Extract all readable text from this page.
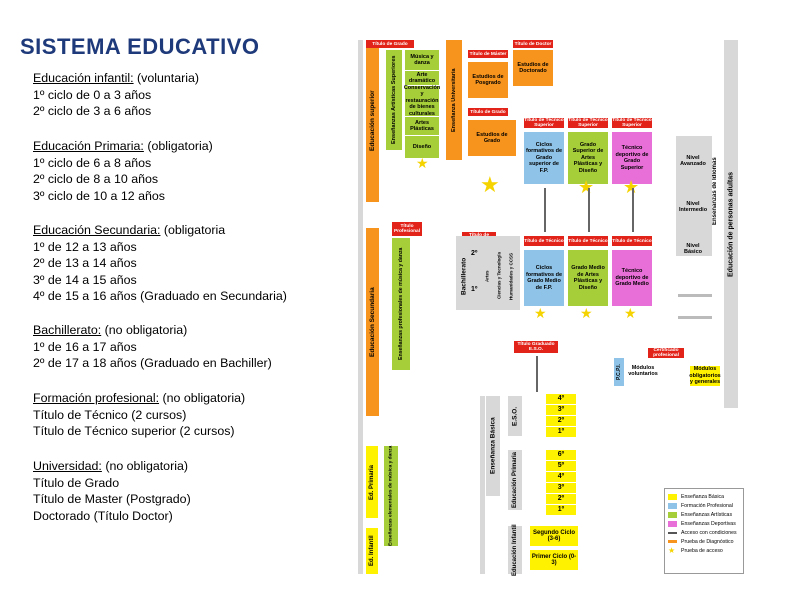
SISTEMA EDUCATIVO
Educación infantil: (voluntaria)
1º ciclo de 0 a 3 años
2º ciclo de 3 a 6 años
Educación Primaria: (obligatoria)
1º ciclo de 6 a 8 años
2º ciclo de 8 a 10 años
3º ciclo de 10 a 12 años
Educación Secundaria: (obligatoria
1º de 12 a 13 años
2º de 13 a 14 años
3º de 14 a 15 años
4º de 15 a 16 años (Graduado en Secundaria)
Bachillerato: (no obligatoria)
1º de 16 a 17 años
2º de 17 a 18 años (Graduado en Bachiller)
Formación profesional: (no obligatoria)
Título de Técnico (2 cursos)
Título de Técnico superior (2 cursos)
Universidad: (no obligatoria)
Título de Grado
Título de Master (Postgrado)
Doctorado (Título Doctor)
Educación superior
Título de Grado
Enseñanzas Artísticas Superiores	Música y danza
Arte dramático
Conservación y restauración de bienes culturales
Artes Plásticas
Diseño
Enseñanza Universitaria
Título de Máster
Título de Doctor
Estudios de Posgrado
Estudios de Doctorado
Título de Grado
Estudios de Grado
Título de Técnico Superior
Título de Técnico Superior
Título de Técnico Superior
Ciclos formativos de Grado superior de F.P.
Grado Superior de Artes Plásticas y Diseño
Técnico deportivo de Grado Superior
Nivel Avanzado
Nivel Intermedio
Nivel Básico
Enseñanzas de Idiomas	Educación de personas adultas
★	★ ★
★
Educación Secundaria
Título Profesional
Enseñanzas profesionales de música y danza	Bachillerato
2º
1º
Artes	Ciencias y Tecnología	Humanidades y CCSS
Título de Técnico Título de Técnico Título de Técnico
Ciclos formativos de Grado Medio de F.P.
Grado Medio de Artes Plásticas y Diseño
Técnico deportivo de Grado Medio
★ ★ ★
Título Graduado E.S.O.	Certificado profesional
Módulos voluntarios
P.C.P.I.	Módulos obligatorios y generales
Enseñanza Básica
E.S.O.
4º
3º
2º
1º
Educación Primaria	6º
5º
4º
3º
2º
1º
Educación Infantil	Segundo Ciclo (3-6)
Primer Ciclo (0-3)
Ed. Primaria	Enseñanzas elementales de música y danza
Ed. Infantil
Enseñanza Básica
Formación Profesional
Enseñanzas Artísticas
Enseñanzas Deportivas
Acceso con condiciones
Prueba de Diagnóstico
★	Prueba de acceso
